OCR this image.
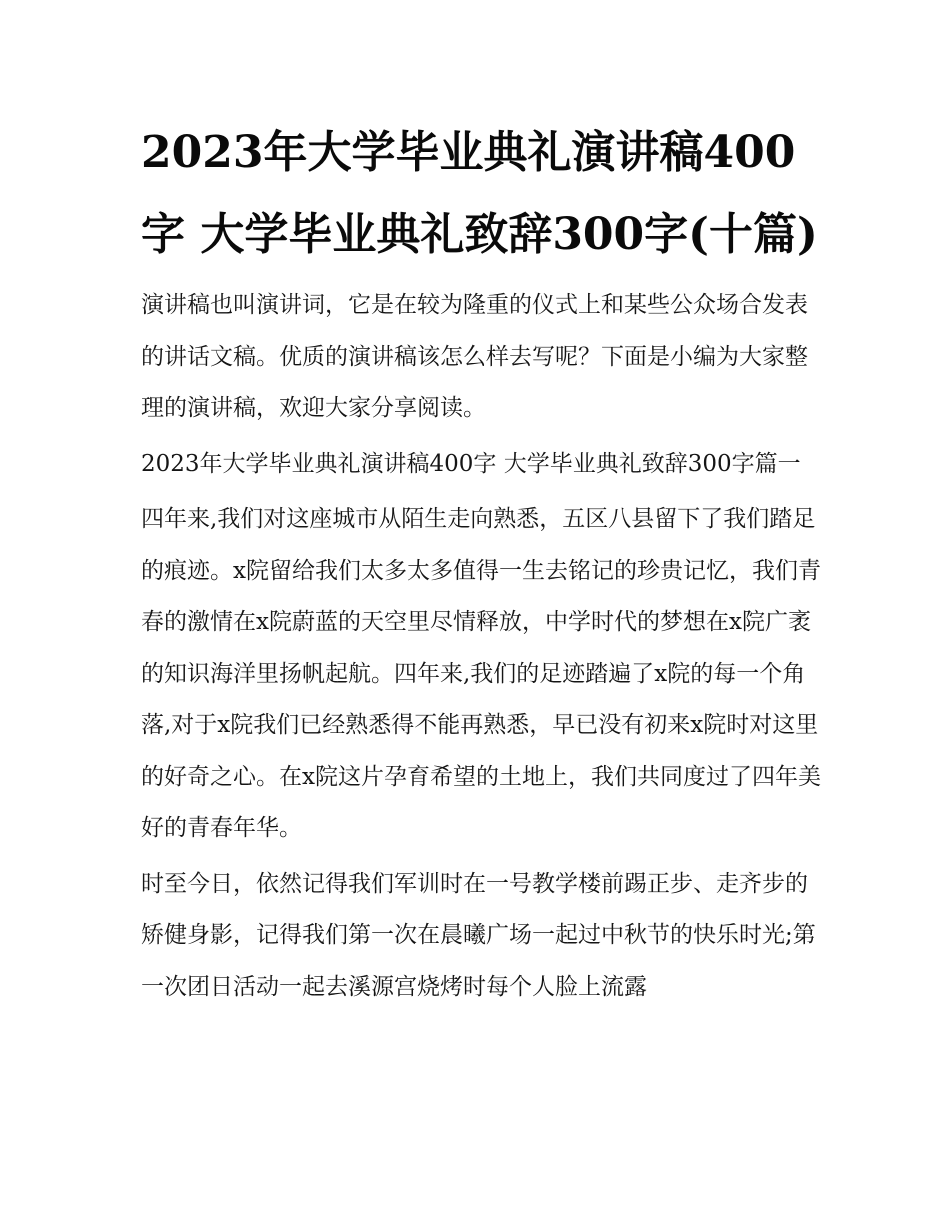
2023年大学毕业典礼演讲稿400字 大学毕业典礼致辞300字(十篇)

演讲稿也叫演讲词，它是在较为隆重的仪式上和某些公众场合发表的讲话文稿。优质的演讲稿该怎么样去写呢？下面是小编为大家整理的演讲稿，欢迎大家分享阅读。

2023年大学毕业典礼演讲稿400字 大学毕业典礼致辞300字篇一

四年来,我们对这座城市从陌生走向熟悉，五区八县留下了我们踏足的痕迹。x院留给我们太多太多值得一生去铭记的珍贵记忆，我们青春的激情在x院蔚蓝的天空里尽情释放，中学时代的梦想在x院广袤的知识海洋里扬帆起航。四年来,我们的足迹踏遍了x院的每一个角落,对于x院我们已经熟悉得不能再熟悉，早已没有初来x院时对这里的好奇之心。在x院这片孕育希望的土地上，我们共同度过了四年美好的青春年华。

时至今日，依然记得我们军训时在一号教学楼前踢正步、走齐步的矫健身影，记得我们第一次在晨曦广场一起过中秋节的快乐时光;第一次团日活动一起去溪源宫烧烤时每个人脸上流露
